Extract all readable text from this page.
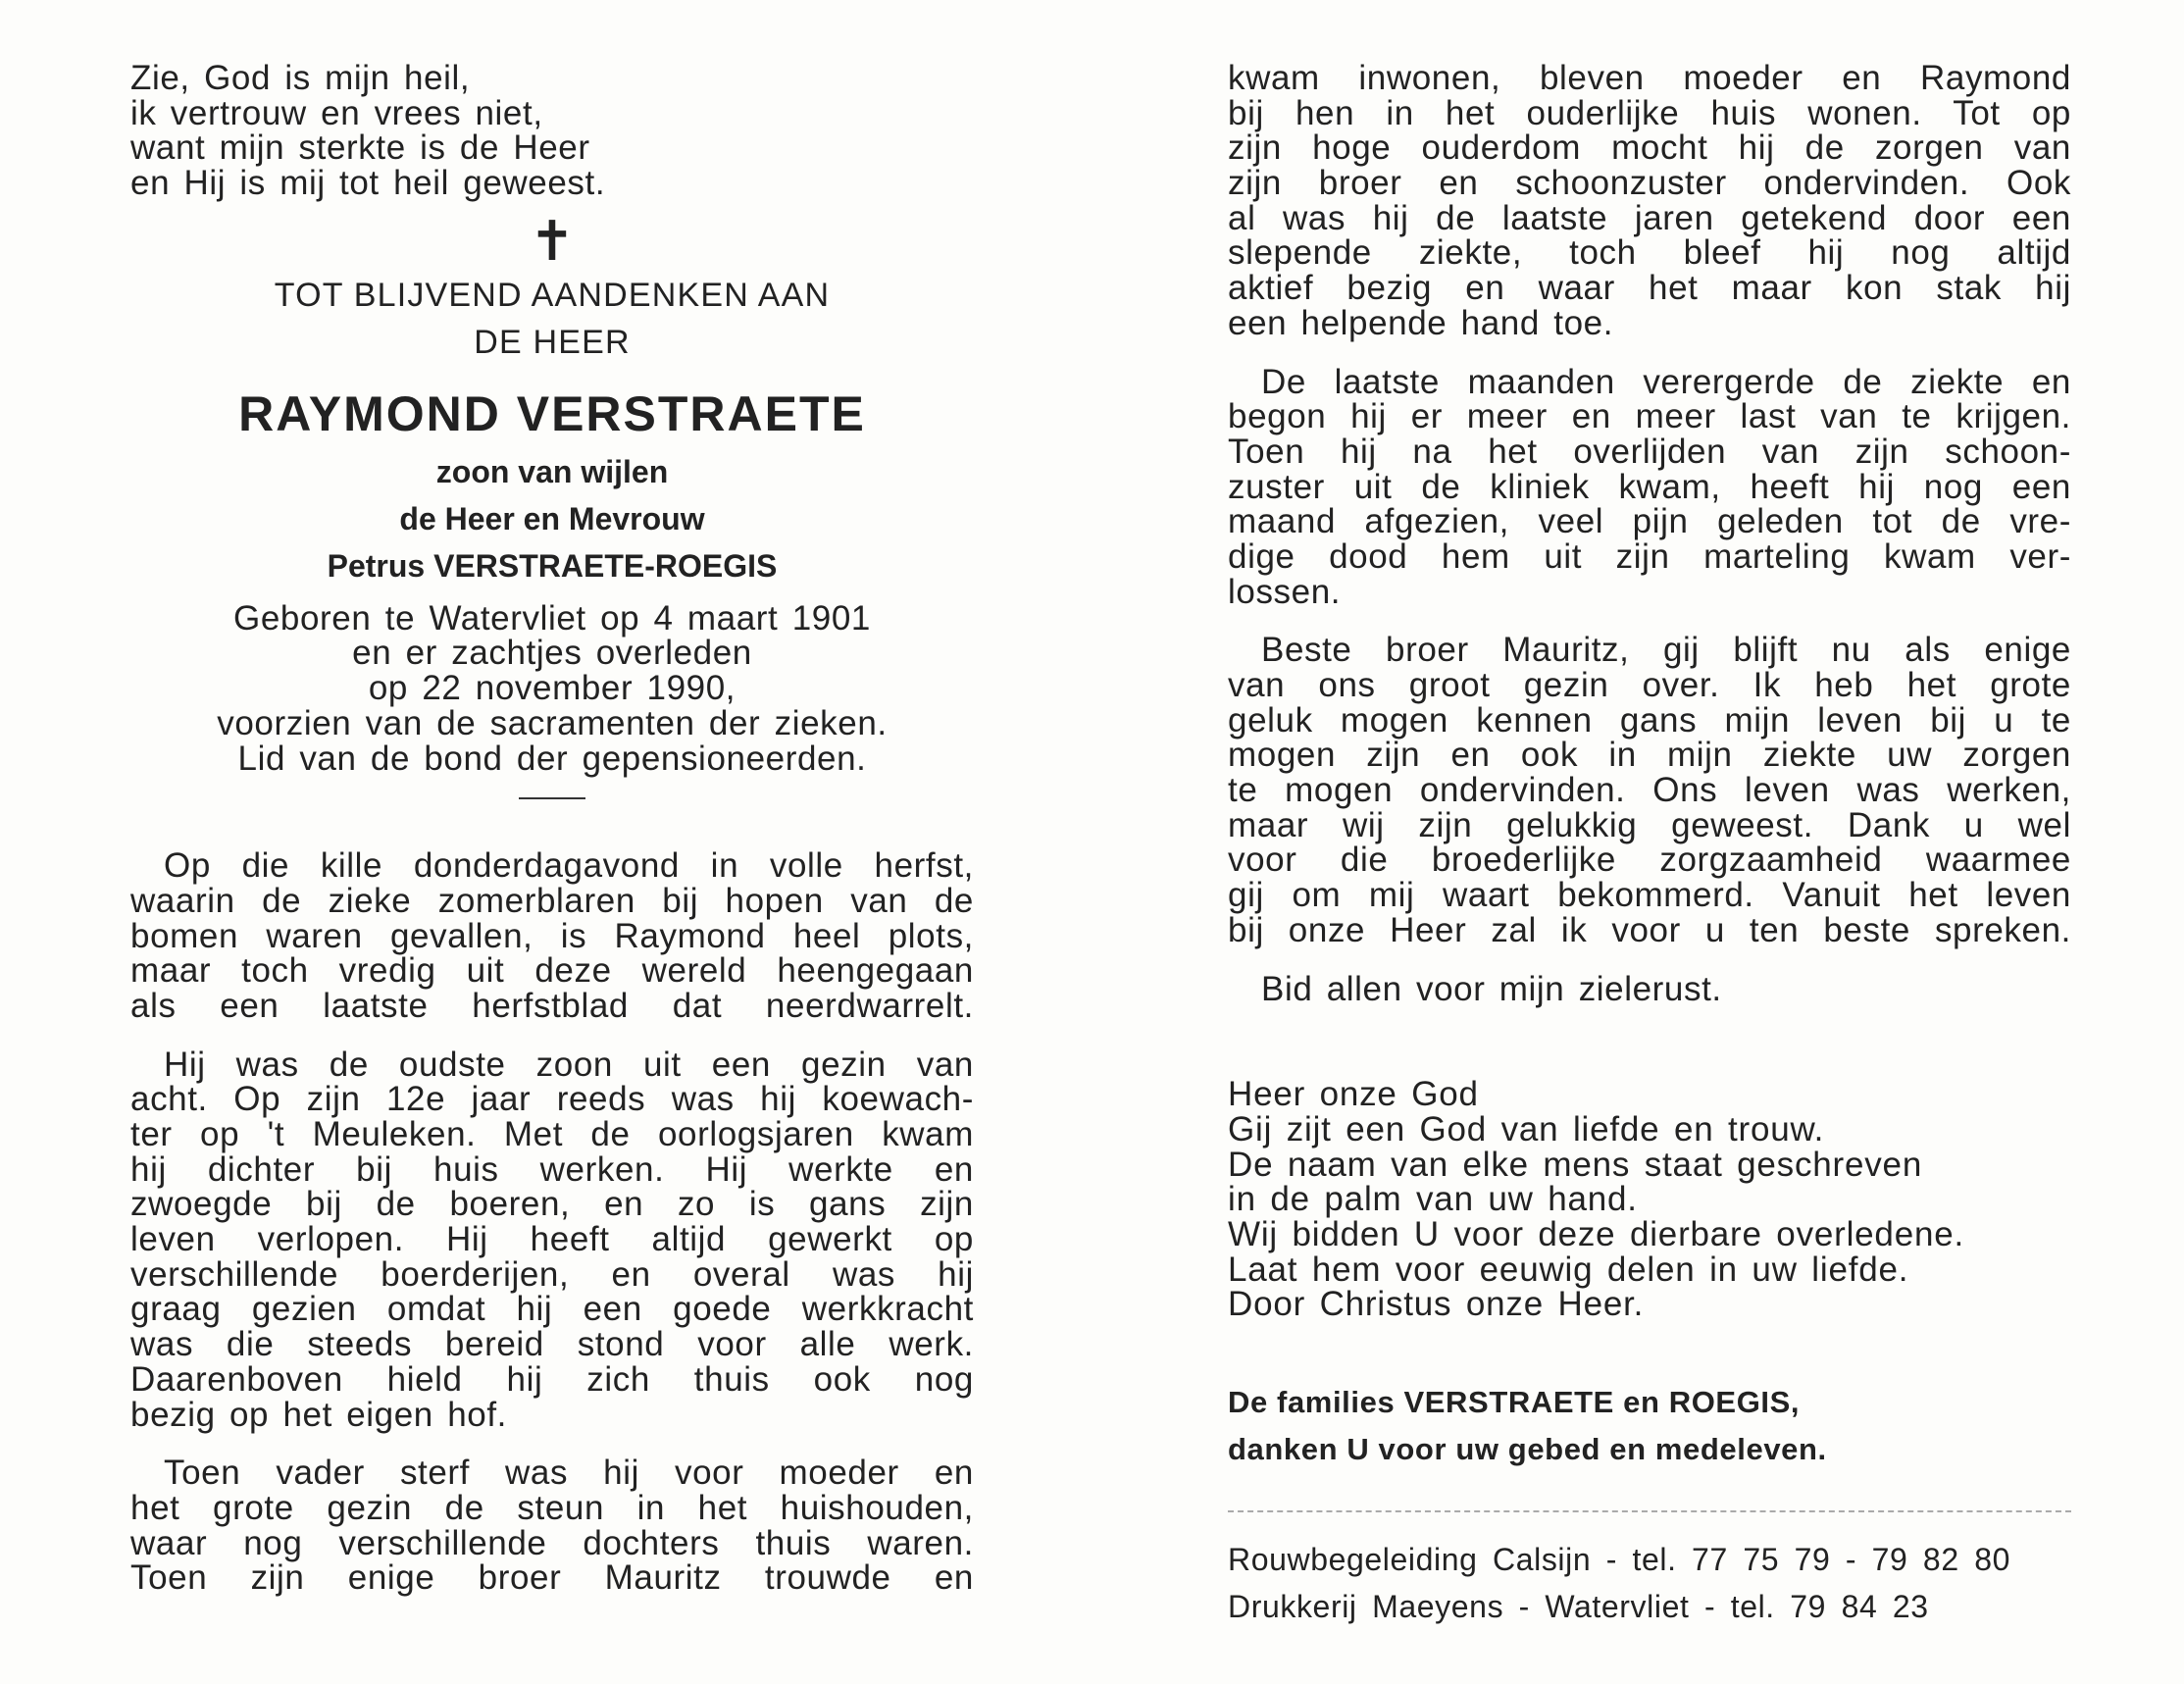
Zie, God is mijn heil,
ik vertrouw en vrees niet,
want mijn sterkte is de Heer
en Hij is mij tot heil geweest.
✝
TOT BLIJVEND AANDENKEN AAN
DE HEER
RAYMOND VERSTRAETE
zoon van wijlen
de Heer en Mevrouw
Petrus VERSTRAETE-ROEGIS
Geboren te Watervliet op 4 maart 1901
en er zachtjes overleden
op 22 november 1990,
voorzien van de sacramenten der zieken.
Lid van de bond der gepensioneerden.
Op die kille donderdagavond in volle herfst,
waarin de zieke zomerblaren bij hopen van de
bomen waren gevallen, is Raymond heel plots,
maar toch vredig uit deze wereld heengegaan
als een laatste herfstblad dat neerdwarrelt.
Hij was de oudste zoon uit een gezin van
acht. Op zijn 12e jaar reeds was hij koewach-
ter op 't Meuleken. Met de oorlogsjaren kwam
hij dichter bij huis werken. Hij werkte en
zwoegde bij de boeren, en zo is gans zijn
leven verlopen. Hij heeft altijd gewerkt op
verschillende boerderijen, en overal was hij
graag gezien omdat hij een goede werkkracht
was die steeds bereid stond voor alle werk.
Daarenboven hield hij zich thuis ook nog
bezig op het eigen hof.
Toen vader sterf was hij voor moeder en
het grote gezin de steun in het huishouden,
waar nog verschillende dochters thuis waren.
Toen zijn enige broer Mauritz trouwde en
kwam inwonen, bleven moeder en Raymond
bij hen in het ouderlijke huis wonen. Tot op
zijn hoge ouderdom mocht hij de zorgen van
zijn broer en schoonzuster ondervinden. Ook
al was hij de laatste jaren getekend door een
slepende ziekte, toch bleef hij nog altijd
aktief bezig en waar het maar kon stak hij
een helpende hand toe.
De laatste maanden verergerde de ziekte en
begon hij er meer en meer last van te krijgen.
Toen hij na het overlijden van zijn schoon-
zuster uit de kliniek kwam, heeft hij nog een
maand afgezien, veel pijn geleden tot de vre-
dige dood hem uit zijn marteling kwam ver-
lossen.
Beste broer Mauritz, gij blijft nu als enige
van ons groot gezin over. Ik heb het grote
geluk mogen kennen gans mijn leven bij u te
mogen zijn en ook in mijn ziekte uw zorgen
te mogen ondervinden. Ons leven was werken,
maar wij zijn gelukkig geweest. Dank u wel
voor die broederlijke zorgzaamheid waarmee
gij om mij waart bekommerd. Vanuit het leven
bij onze Heer zal ik voor u ten beste spreken.
Bid allen voor mijn zielerust.
Heer onze God
Gij zijt een God van liefde en trouw.
De naam van elke mens staat geschreven
in de palm van uw hand.
Wij bidden U voor deze dierbare overledene.
Laat hem voor eeuwig delen in uw liefde.
Door Christus onze Heer.
De families VERSTRAETE en ROEGIS,
danken U voor uw gebed en medeleven.
Rouwbegeleiding Calsijn - tel. 77 75 79 - 79 82 80
Drukkerij Maeyens - Watervliet - tel. 79 84 23
